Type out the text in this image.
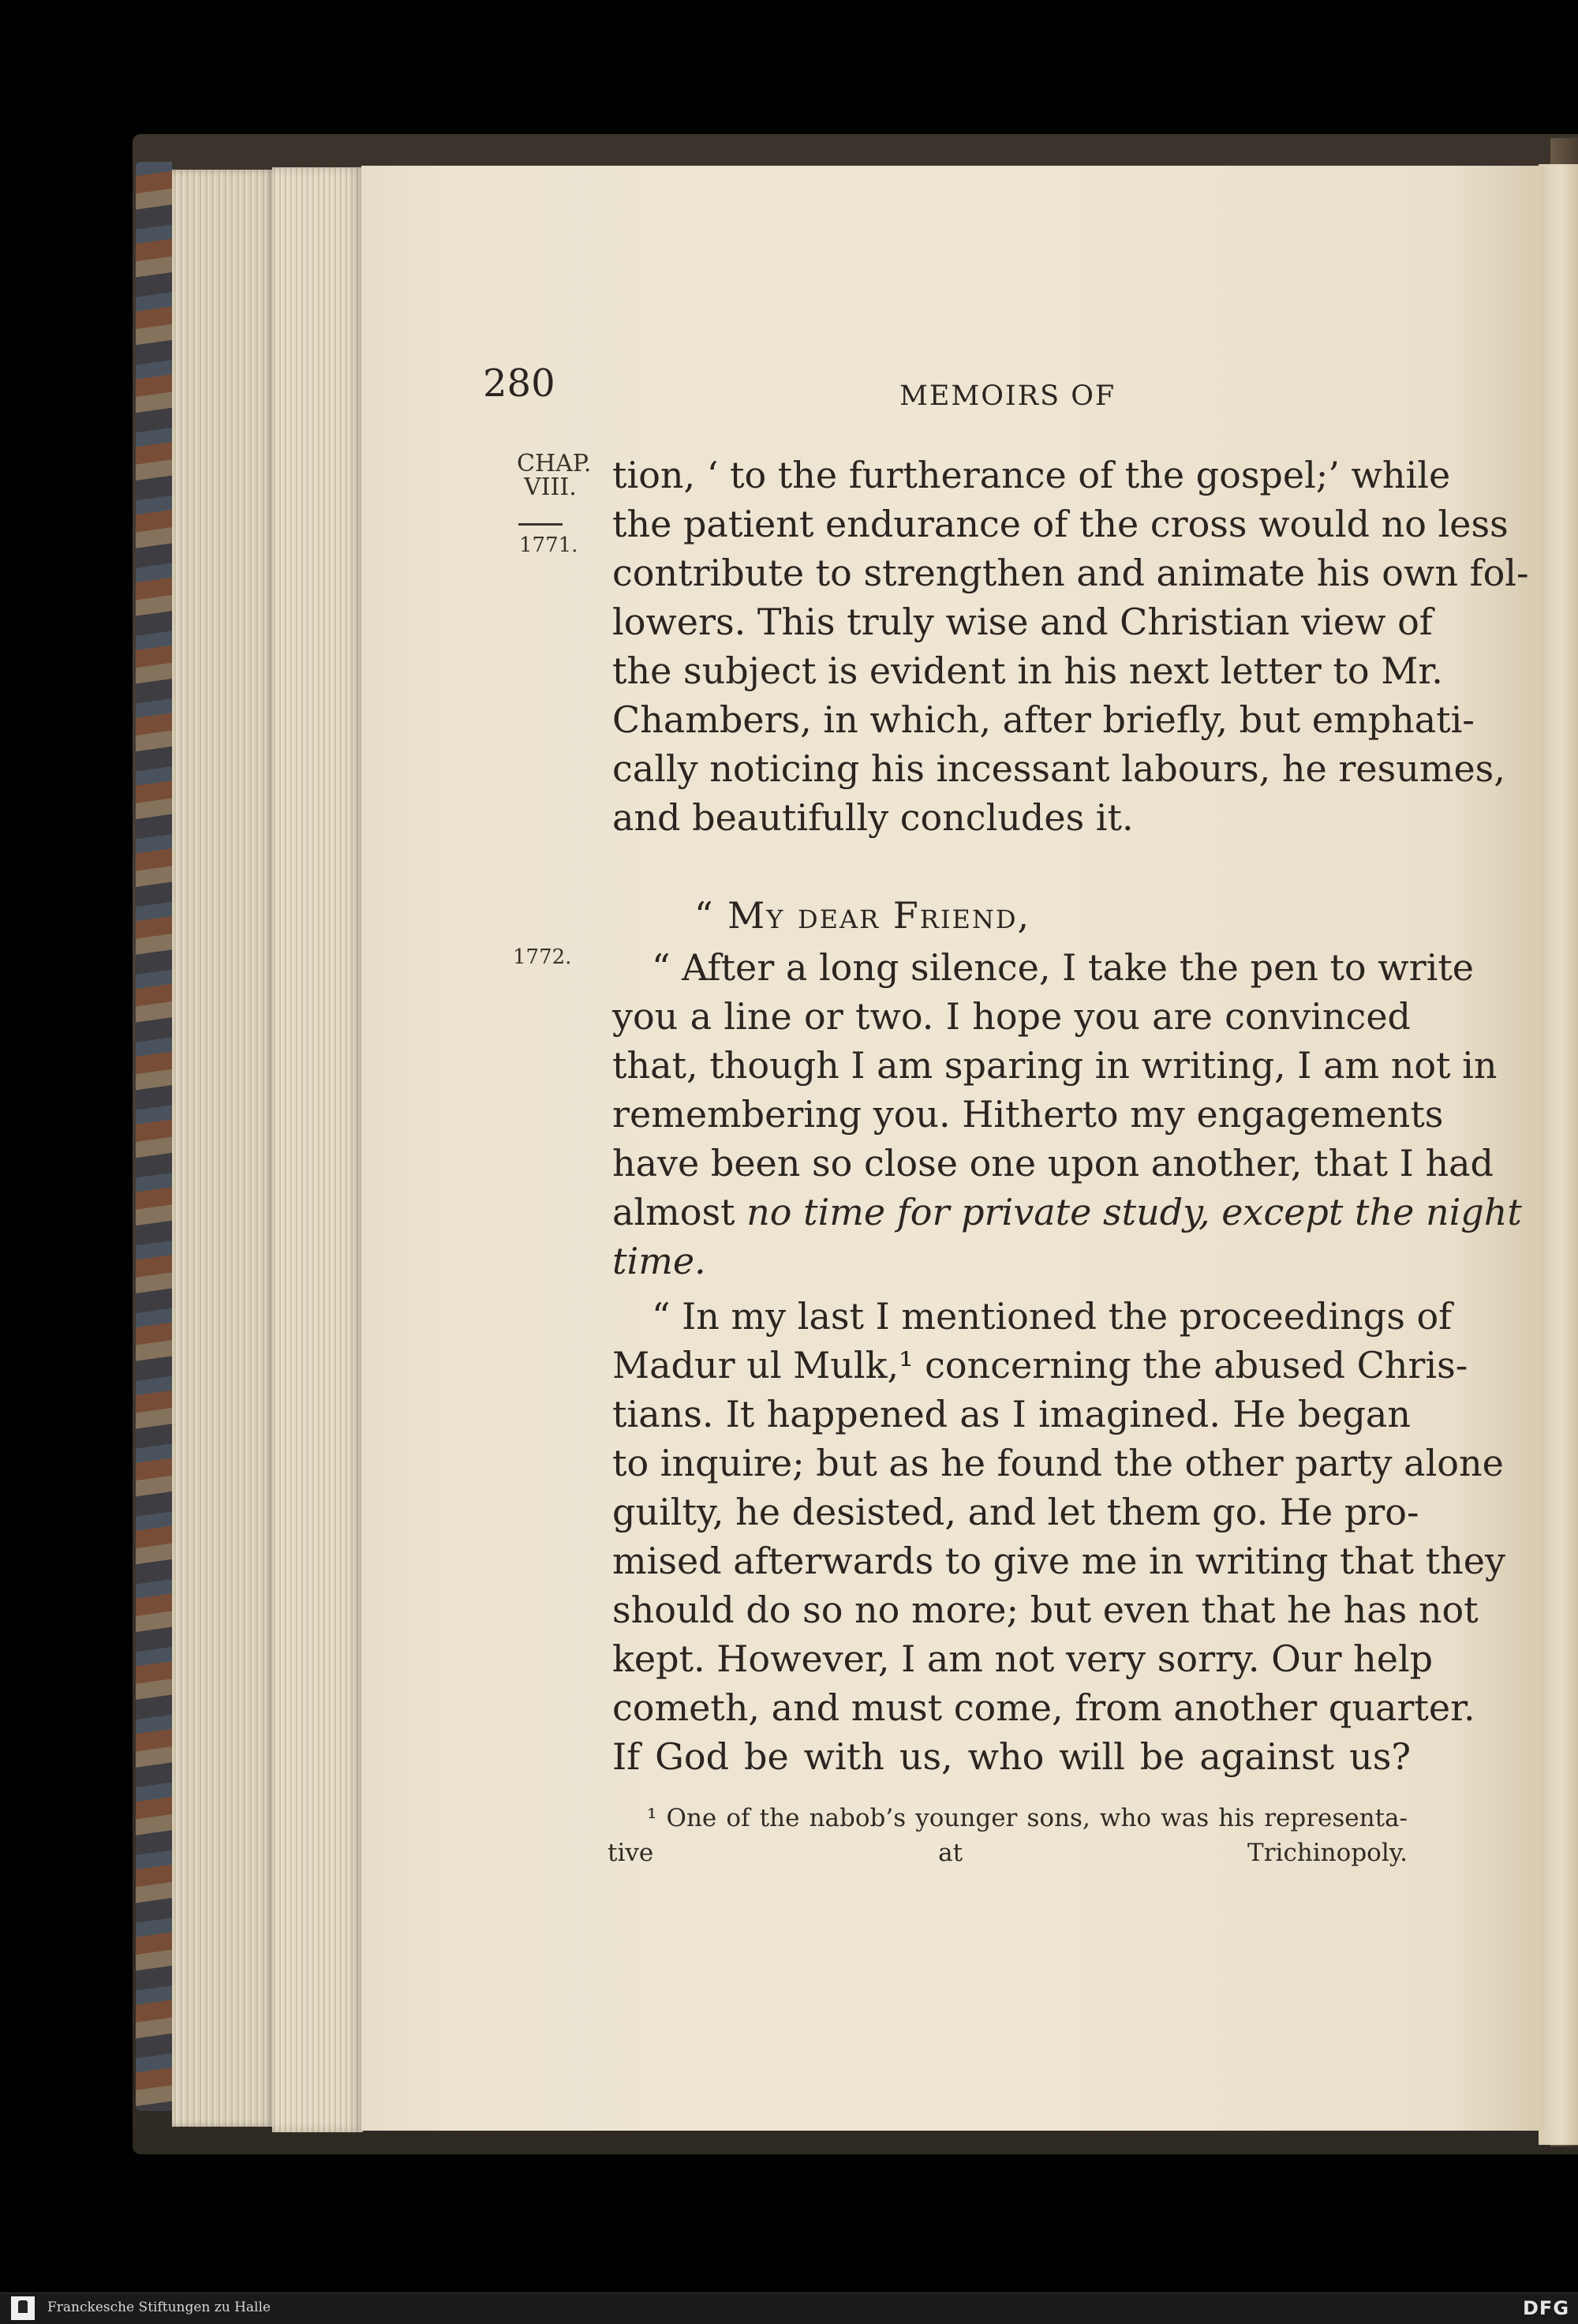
280	MEMOIRS OF
CHAP.
VIII.
1771.
1772.
tion, ‘ to the furtherance of the gospel;’ while
the patient endurance of the cross would no less
contribute to strengthen and animate his own fol-
lowers. This truly wise and Christian view of
the subject is evident in his next letter to Mr.
Chambers, in which, after briefly, but emphati-
cally noticing his incessant labours, he resumes,
and beautifully concludes it.
“ My dear Friend,
“ After a long silence, I take the pen to write
you a line or two. I hope you are convinced
that, though I am sparing in writing, I am not in
remembering you. Hitherto my engagements
have been so close one upon another, that I had
almost no time for private study, except the night
time.
“ In my last I mentioned the proceedings of
Madur ul Mulk,¹ concerning the abused Chris-
tians. It happened as I imagined. He began
to inquire; but as he found the other party alone
guilty, he desisted, and let them go. He pro-
mised afterwards to give me in writing that they
should do so no more; but even that he has not
kept. However, I am not very sorry. Our help
cometh, and must come, from another quarter.
If God be with us, who will be against us?
¹ One of the nabob’s younger sons, who was his representa-
tive at Trichinopoly.
Franckesche Stiftungen zu Halle	DFG
